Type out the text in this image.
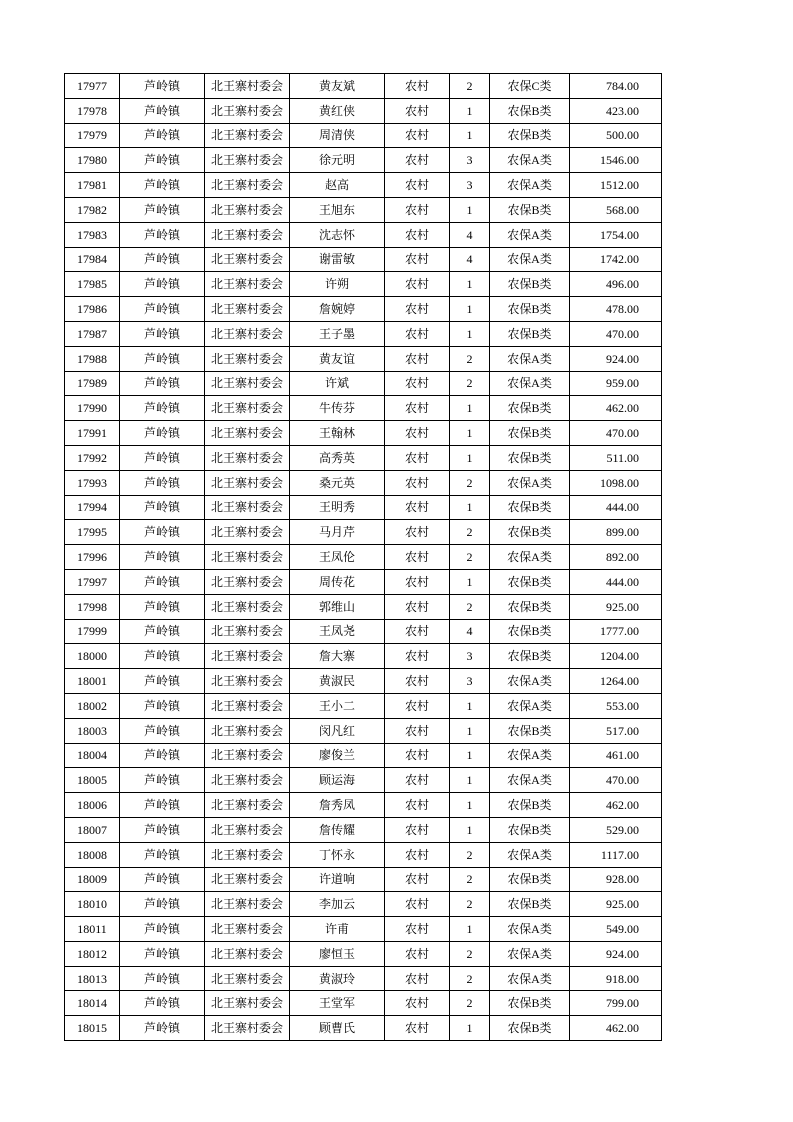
17977	芦岭镇	北王寨村委会	黄友斌	农村	2	农保C类	784.00
17978	芦岭镇	北王寨村委会	黄红侠	农村	1	农保B类	423.00
17979	芦岭镇	北王寨村委会	周清侠	农村	1	农保B类	500.00
17980	芦岭镇	北王寨村委会	徐元明	农村	3	农保A类	1546.00
17981	芦岭镇	北王寨村委会	赵高	农村	3	农保A类	1512.00
17982	芦岭镇	北王寨村委会	王旭东	农村	1	农保B类	568.00
17983	芦岭镇	北王寨村委会	沈志怀	农村	4	农保A类	1754.00
17984	芦岭镇	北王寨村委会	谢雷敏	农村	4	农保A类	1742.00
17985	芦岭镇	北王寨村委会	许朔	农村	1	农保B类	496.00
17986	芦岭镇	北王寨村委会	詹婉婷	农村	1	农保B类	478.00
17987	芦岭镇	北王寨村委会	王子墨	农村	1	农保B类	470.00
17988	芦岭镇	北王寨村委会	黄友谊	农村	2	农保A类	924.00
17989	芦岭镇	北王寨村委会	许斌	农村	2	农保A类	959.00
17990	芦岭镇	北王寨村委会	牛传芬	农村	1	农保B类	462.00
17991	芦岭镇	北王寨村委会	王翰林	农村	1	农保B类	470.00
17992	芦岭镇	北王寨村委会	高秀英	农村	1	农保B类	511.00
17993	芦岭镇	北王寨村委会	桑元英	农村	2	农保A类	1098.00
17994	芦岭镇	北王寨村委会	王明秀	农村	1	农保B类	444.00
17995	芦岭镇	北王寨村委会	马月芹	农村	2	农保B类	899.00
17996	芦岭镇	北王寨村委会	王凤伦	农村	2	农保A类	892.00
17997	芦岭镇	北王寨村委会	周传花	农村	1	农保B类	444.00
17998	芦岭镇	北王寨村委会	郭维山	农村	2	农保B类	925.00
17999	芦岭镇	北王寨村委会	王凤尧	农村	4	农保B类	1777.00
18000	芦岭镇	北王寨村委会	詹大寨	农村	3	农保B类	1204.00
18001	芦岭镇	北王寨村委会	黄淑民	农村	3	农保A类	1264.00
18002	芦岭镇	北王寨村委会	王小二	农村	1	农保A类	553.00
18003	芦岭镇	北王寨村委会	闵凡红	农村	1	农保B类	517.00
18004	芦岭镇	北王寨村委会	廖俊兰	农村	1	农保A类	461.00
18005	芦岭镇	北王寨村委会	顾运海	农村	1	农保A类	470.00
18006	芦岭镇	北王寨村委会	詹秀凤	农村	1	农保B类	462.00
18007	芦岭镇	北王寨村委会	詹传耀	农村	1	农保B类	529.00
18008	芦岭镇	北王寨村委会	丁怀永	农村	2	农保A类	1117.00
18009	芦岭镇	北王寨村委会	许道响	农村	2	农保B类	928.00
18010	芦岭镇	北王寨村委会	李加云	农村	2	农保B类	925.00
18011	芦岭镇	北王寨村委会	许甫	农村	1	农保A类	549.00
18012	芦岭镇	北王寨村委会	廖恒玉	农村	2	农保A类	924.00
18013	芦岭镇	北王寨村委会	黄淑玲	农村	2	农保A类	918.00
18014	芦岭镇	北王寨村委会	王堂军	农村	2	农保B类	799.00
18015	芦岭镇	北王寨村委会	顾曹氏	农村	1	农保B类	462.00
